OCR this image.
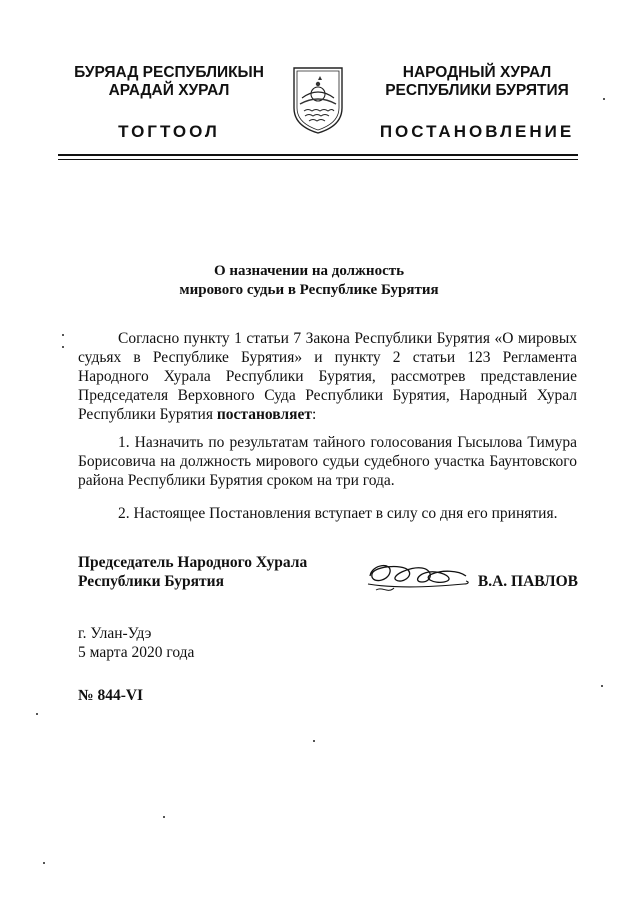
БУРЯАД РЕСПУБЛИКЫН
АРАДАЙ ХУРАЛ
ТОГТООЛ
НАРОДНЫЙ ХУРАЛ
РЕСПУБЛИКИ БУРЯТИЯ
ПОСТАНОВЛЕНИЕ
О назначении на должность
мирового судьи в Республике Бурятия
Согласно пункту 1 статьи 7 Закона Республики Бурятия «О мировых судьях в Республике Бурятия» и пункту 2 статьи 123 Регламента Народного Хурала Республики Бурятия, рассмотрев представление Председателя Верховного Суда Республики Бурятия, Народный Хурал Республики Бурятия постановляет:
1. Назначить по результатам тайного голосования Гысылова Тимура Борисовича на должность мирового судьи судебного участка Баунтовского района Республики Бурятия сроком на три года.
2. Настоящее Постановления вступает в силу со дня его принятия.
Председатель Народного Хурала
Республики Бурятия	В.А. ПАВЛОВ
г. Улан-Удэ
5 марта 2020 года
№ 844-VI
